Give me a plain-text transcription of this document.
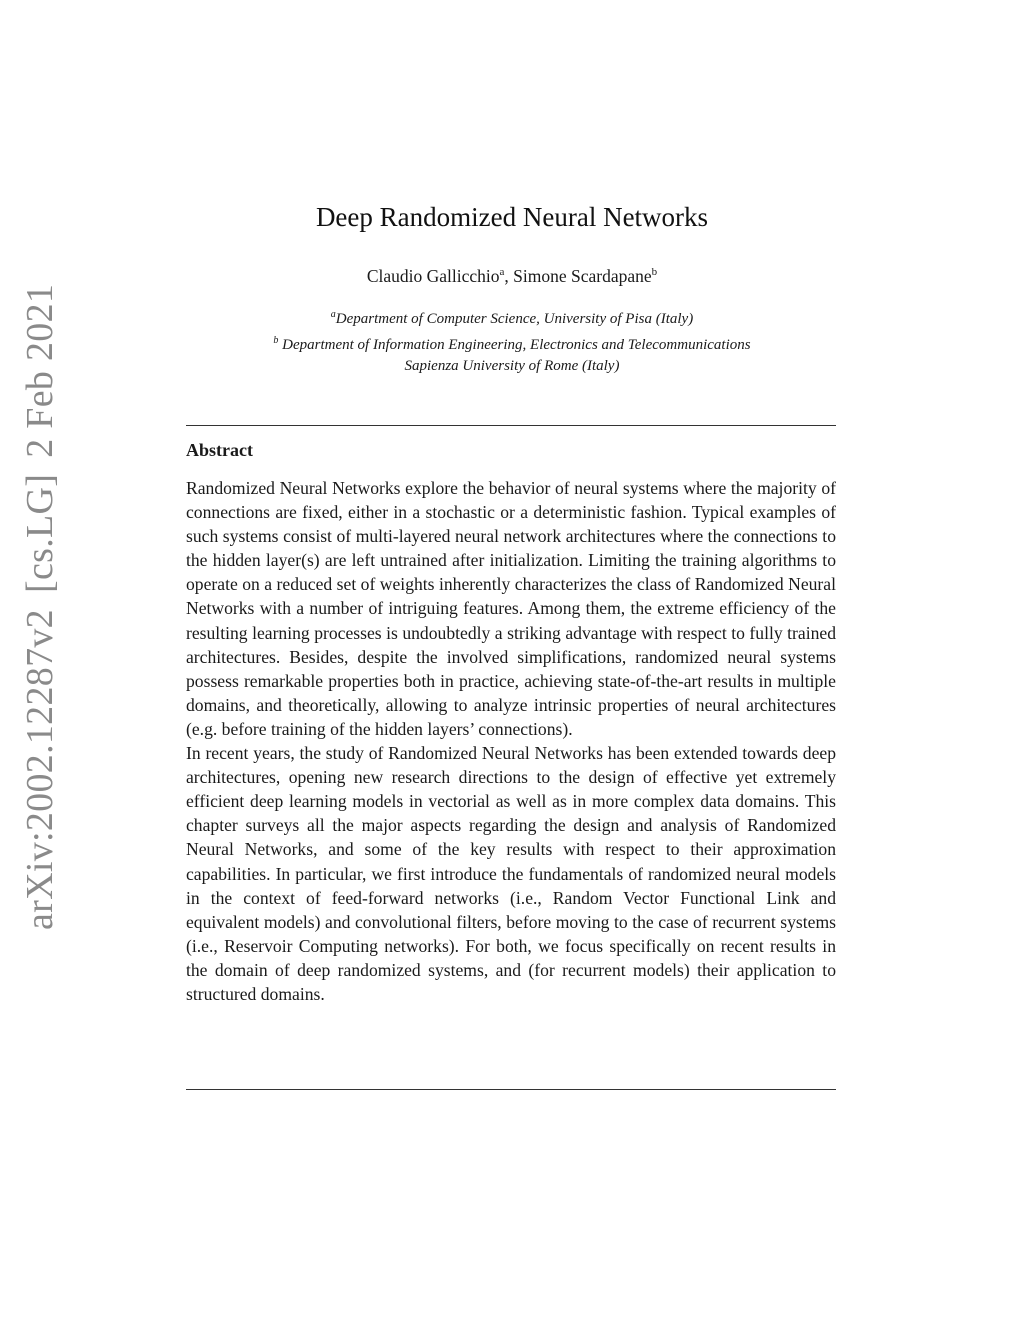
arXiv:2002.12287v2[cs.LG]2 Feb 2021
Deep Randomized Neural Networks
Claudio Gallicchio$^a$, Simone Scardapane$^b$
$^a$Department of Computer Science, University of Pisa (Italy)
$^b$ Department of Information Engineering, Electronics and Telecommunications
Sapienza University of Rome (Italy)
Abstract

Randomized Neural Networks explore the behavior of neural systems where the majority of connections are fixed, either in a stochastic or a deterministic fashion. Typical examples of such systems consist of multi-layered neural network architectures where the connections to the hidden layer(s) are left untrained after initialization. Limiting the training algorithms to operate on a reduced set of weights inherently characterizes the class of Randomized Neural Networks with a number of intriguing features. Among them, the extreme efficiency of the resulting learning processes is undoubtedly a striking advantage with respect to fully trained architectures. Besides, despite the involved simplifications, randomized neural systems possess remarkable properties both in practice, achieving state-of-the-art results in multiple domains, and theoretically, allowing to analyze intrinsic properties of neural architectures (e.g. before training of the hidden layers’ connections).

In recent years, the study of Randomized Neural Networks has been extended towards deep architectures, opening new research directions to the design of effective yet extremely efficient deep learning models in vectorial as well as in more complex data domains. This chapter surveys all the major aspects regarding the design and analysis of Randomized Neural Networks, and some of the key results with respect to their approximation capabilities. In particular, we first introduce the fundamentals of randomized neural models in the context of feed-forward networks (i.e., Random Vector Functional Link and equivalent models) and convolutional filters, before moving to the case of recurrent systems (i.e., Reservoir Computing networks). For both, we focus specifically on recent results in the domain of deep randomized systems, and (for recurrent models) their application to structured domains.
